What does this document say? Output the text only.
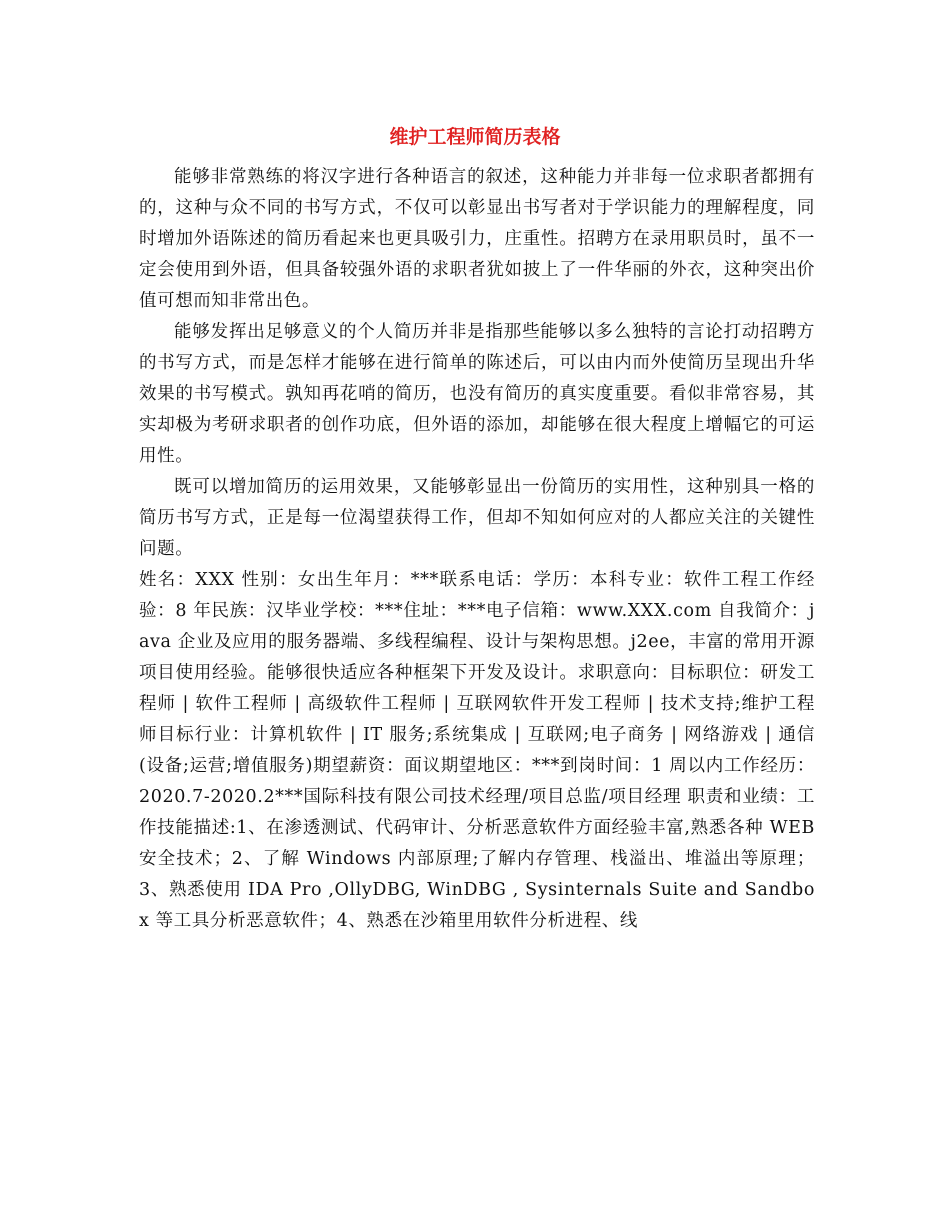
维护工程师简历表格

能够非常熟练的将汉字进行各种语言的叙述，这种能力并非每一位求职者都拥有的，这种与众不同的书写方式，不仅可以彰显出书写者对于学识能力的理解程度，同时增加外语陈述的简历看起来也更具吸引力，庄重性。招聘方在录用职员时，虽不一定会使用到外语，但具备较强外语的求职者犹如披上了一件华丽的外衣，这种突出价值可想而知非常出色。

能够发挥出足够意义的个人简历并非是指那些能够以多么独特的言论打动招聘方的书写方式，而是怎样才能够在进行简单的陈述后，可以由内而外使简历呈现出升华效果的书写模式。孰知再花哨的简历，也没有简历的真实度重要。看似非常容易，其实却极为考研求职者的创作功底，但外语的添加，却能够在很大程度上增幅它的可运用性。

既可以增加简历的运用效果，又能够彰显出一份简历的实用性，这种别具一格的简历书写方式，正是每一位渴望获得工作，但却不知如何应对的人都应关注的关键性问题。

姓名：XXX 性别：女出生年月：***联系电话：学历：本科专业：软件工程工作经验：8 年民族：汉毕业学校：***住址：***电子信箱：www.XXX.com 自我简介：java 企业及应用的服务器端、多线程编程、设计与架构思想。j2ee，丰富的常用开源项目使用经验。能够很快适应各种框架下开发及设计。求职意向：目标职位：研发工程师 | 软件工程师 | 高级软件工程师 | 互联网软件开发工程师 | 技术支持;维护工程师目标行业：计算机软件 | IT 服务;系统集成 | 互联网;电子商务 | 网络游戏 | 通信(设备;运营;增值服务)期望薪资：面议期望地区：***到岗时间：1 周以内工作经历：2020.7-2020.2***国际科技有限公司技术经理/项目总监/项目经理 职责和业绩：工作技能描述:1、在渗透测试、代码审计、分析恶意软件方面经验丰富,熟悉各种 WEB 安全技术；2、了解 Windows 内部原理;了解内存管理、栈溢出、堆溢出等原理；3、熟悉使用 IDA Pro ,OllyDBG, WinDBG , Sysinternals Suite and Sandbox 等工具分析恶意软件；4、熟悉在沙箱里用软件分析进程、线
